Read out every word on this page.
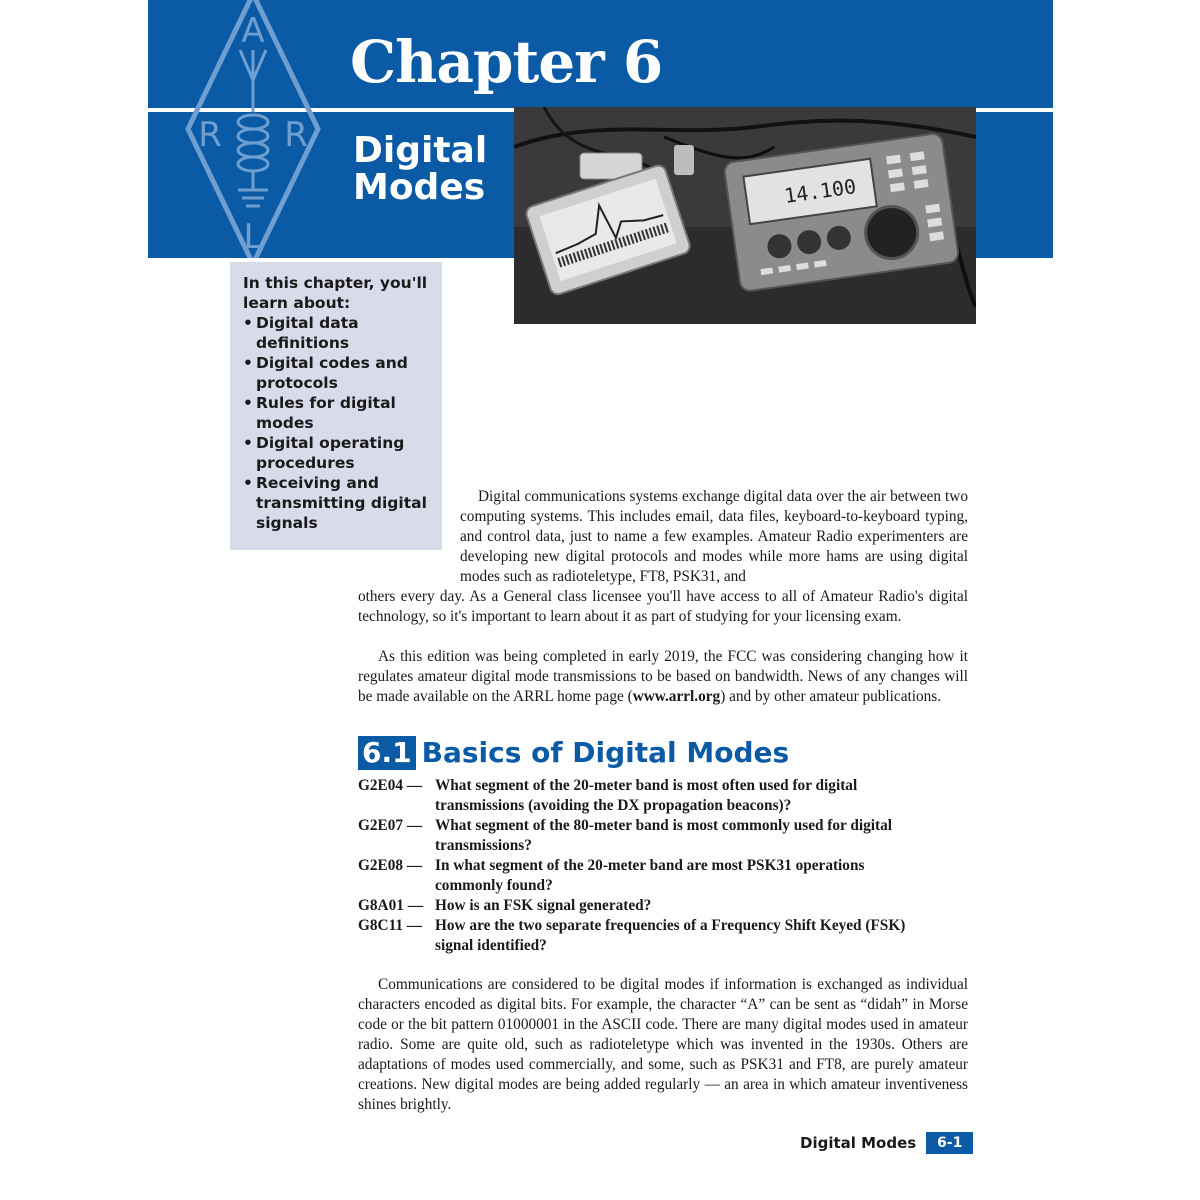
A
R R
L
Chapter 6
Digital Modes	14.100

In this chapter, you'll learn about:

• Digital data definitions
• Digital codes and protocols
• Rules for digital modes
• Digital operating procedures
• Receiving and transmitting digital signals

Digital communications systems exchange digital data over the air between two computing systems. This includes email, data files, keyboard-to-keyboard typing, and control data, just to name a few examples. Amateur Radio experimenters are developing new digital protocols and modes while more hams are using digital modes such as radioteletype, FT8, PSK31, and

others every day. As a General class licensee you'll have access to all of Amateur Radio's digital technology, so it's important to learn about it as part of studying for your licensing exam.

As this edition was being completed in early 2019, the FCC was considering changing how it regulates amateur digital mode transmissions to be based on bandwidth. News of any changes will be made available on the ARRL home page (www.arrl.org) and by other amateur publications.

6.1 Basics of Digital Modes
G2E04 — What segment of the 20-meter band is most often used for digital transmissions (avoiding the DX propagation beacons)?
G2E07 — What segment of the 80-meter band is most commonly used for digital transmissions?
G2E08 — In what segment of the 20-meter band are most PSK31 operations commonly found?
G8A01 — How is an FSK signal generated?
G8C11 — How are the two separate frequencies of a Frequency Shift Keyed (FSK) signal identified?

Communications are considered to be digital modes if information is exchanged as individual characters encoded as digital bits. For example, the character “A” can be sent as “didah” in Morse code or the bit pattern 01000001 in the ASCII code. There are many digital modes used in amateur radio. Some are quite old, such as radioteletype which was invented in the 1930s. Others are adaptations of modes used commercially, and some, such as PSK31 and FT8, are purely amateur creations. New digital modes are being added regularly — an area in which amateur inventiveness shines brightly.

Digital Modes	6-1
